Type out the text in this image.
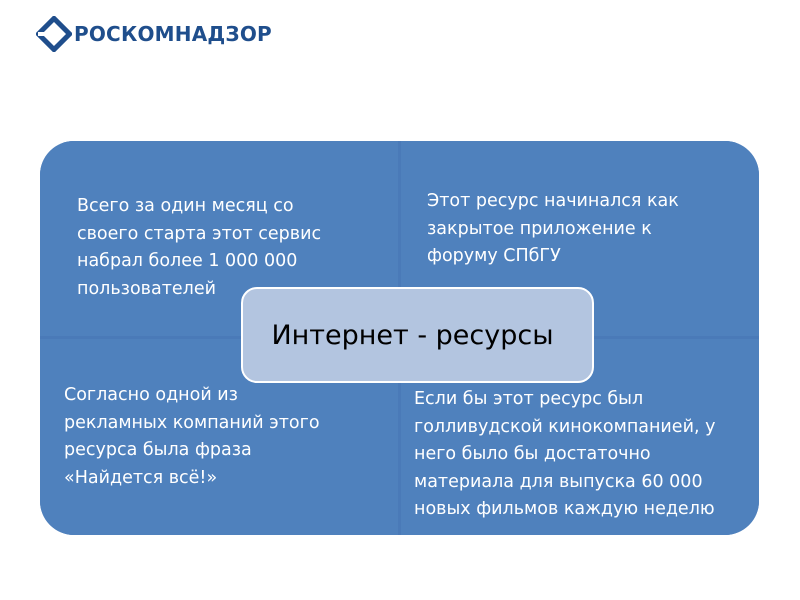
РОСКОМНАДЗОР

Всего за один месяц со
своего старта этот сервис
набрал более 1 000 000
пользователей

Этот ресурс начинался как
закрытое приложение к
форуму СПбГУ

Согласно одной из
рекламных компаний этого
ресурса была фраза
«Найдется всё!»

Если бы этот ресурс был
голливудской кинокомпанией, у
него было бы достаточно
материала для выпуска 60 000
новых фильмов каждую неделю

Интернет - ресурсы
